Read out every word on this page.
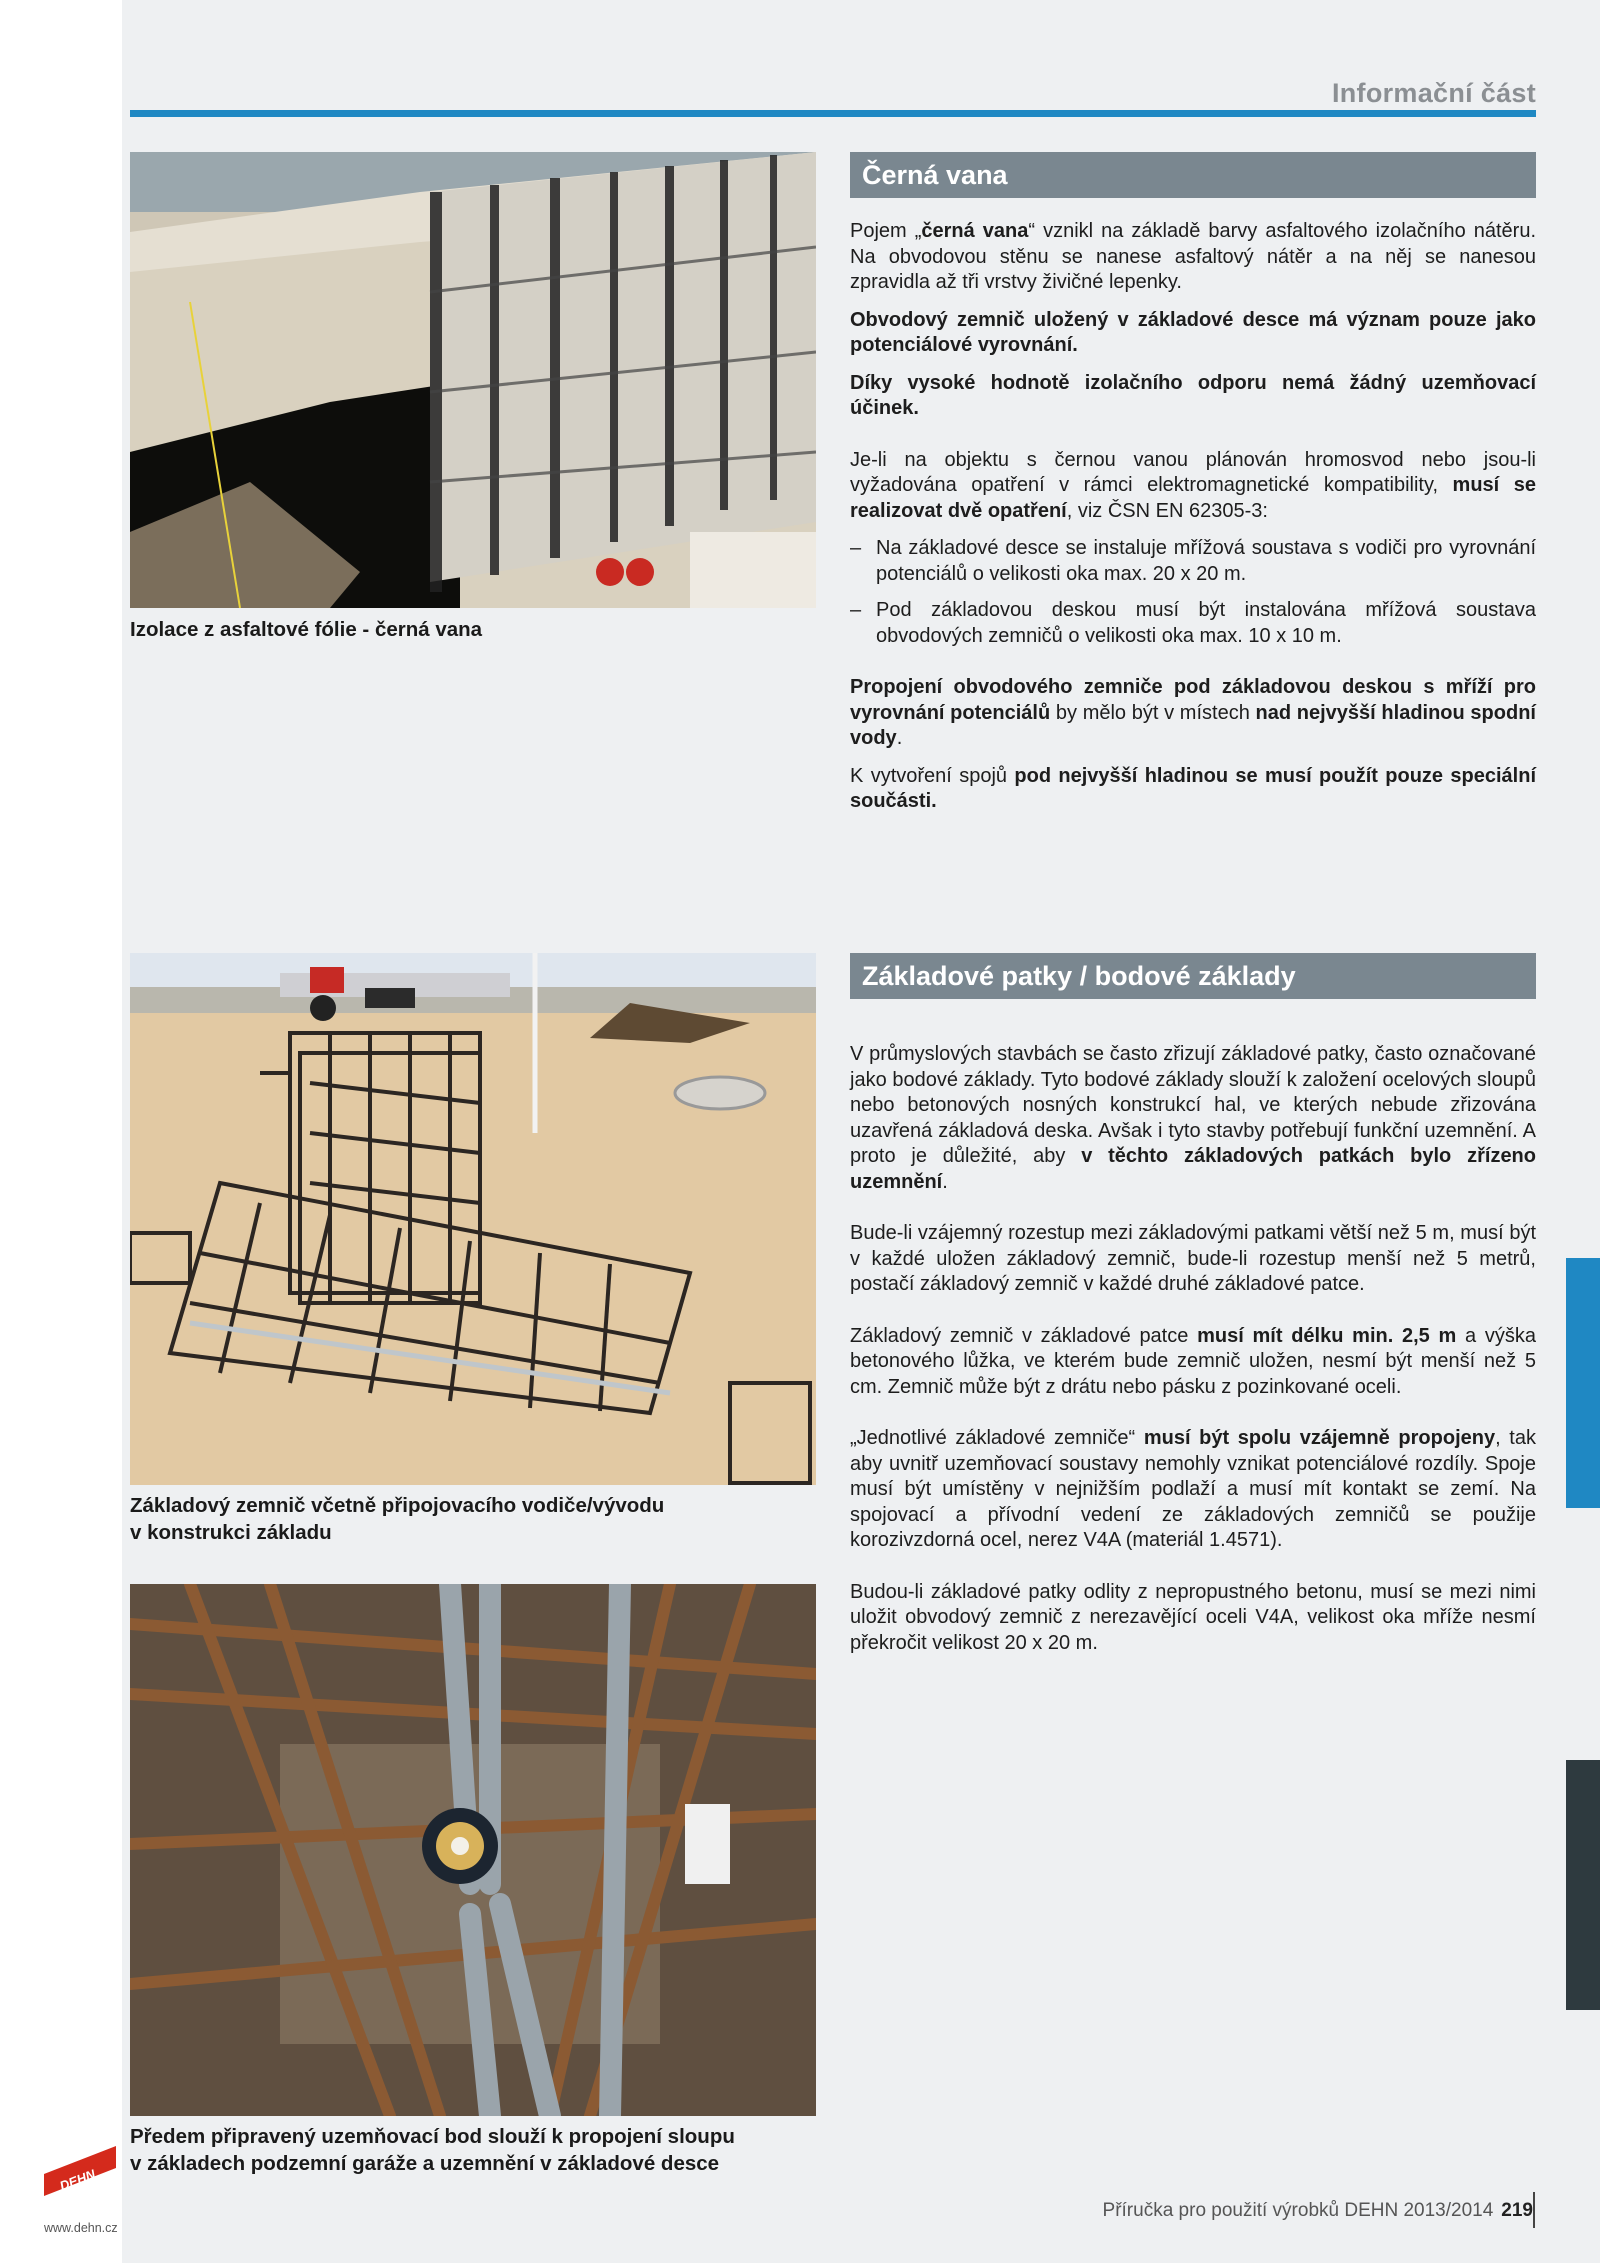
Informační část
Izolace z asfaltové fólie - černá vana
Černá vana

Pojem „černá vana“ vznikl na základě barvy asfaltového izolačního nátěru. Na obvodovou stěnu se nanese asfaltový nátěr a na něj se nanesou zpravidla až tři vrstvy živičné lepenky.

Obvodový zemnič uložený v základové desce má význam pouze jako potenciálové vyrovnání.

Díky vysoké hodnotě izolačního odporu nemá žádný uzemňovací účinek.

Je-li na objektu s černou vanou plánován hromosvod nebo jsou-li vyžadována opatření v rámci elektromagnetické kompatibility, musí se realizovat dvě opatření, viz ČSN EN 62305-3:

– Na základové desce se instaluje mřížová soustava s vodiči pro vyrovnání potenciálů o velikosti oka max. 20 x 20 m.
– Pod základovou deskou musí být instalována mřížová soustava obvodových zemničů o velikosti oka max. 10 x 10 m.

Propojení obvodového zemniče pod základovou deskou s mříží pro vyrovnání potenciálů by mělo být v místech nad nejvyšší hladinou spodní vody.

K vytvoření spojů pod nejvyšší hladinou se musí použít pouze speciální součásti.

Základový zemnič včetně připojovacího vodiče/vývodu
v konstrukci základu
Předem připravený uzemňovací bod slouží k propojení sloupu
v základech podzemní garáže a uzemnění v základové desce
Základové patky / bodové základy

V průmyslových stavbách se často zřizují základové patky, často označované jako bodové základy. Tyto bodové základy slouží k založení ocelových sloupů nebo betonových nosných konstrukcí hal, ve kterých nebude zřizována uzavřená základová deska. Avšak i tyto stavby potřebují funkční uzemnění. A proto je důležité, aby v těchto základových patkách bylo zřízeno uzemnění.

Bude-li vzájemný rozestup mezi základovými patkami větší než 5 m, musí být v každé uložen základový zemnič, bude-li rozestup menší než 5 metrů, postačí základový zemnič v každé druhé základové patce.

Základový zemnič v základové patce musí mít délku min. 2,5 m a výška betonového lůžka, ve kterém bude zemnič uložen, nesmí být menší než 5 cm. Zemnič může být z drátu nebo pásku z pozinkované oceli.

„Jednotlivé základové zemniče“ musí být spolu vzájemně propojeny, tak aby uvnitř uzemňovací soustavy nemohly vznikat potenciálové rozdíly. Spoje musí být umístěny v nejnižším podlaží a musí mít kontakt se zemí. Na spojovací a přívodní vedení ze základových zemničů se použije korozivzdorná ocel, nerez V4A (materiál 1.4571).

Budou-li základové patky odlity z nepropustného betonu, musí se mezi nimi uložit obvodový zemnič z nerezavějící oceli V4A, velikost oka mříže nesmí překročit velikost 20 x 20 m.

Příručka pro použití výrobků DEHN 2013/2014 219
DEHN
www.dehn.cz
